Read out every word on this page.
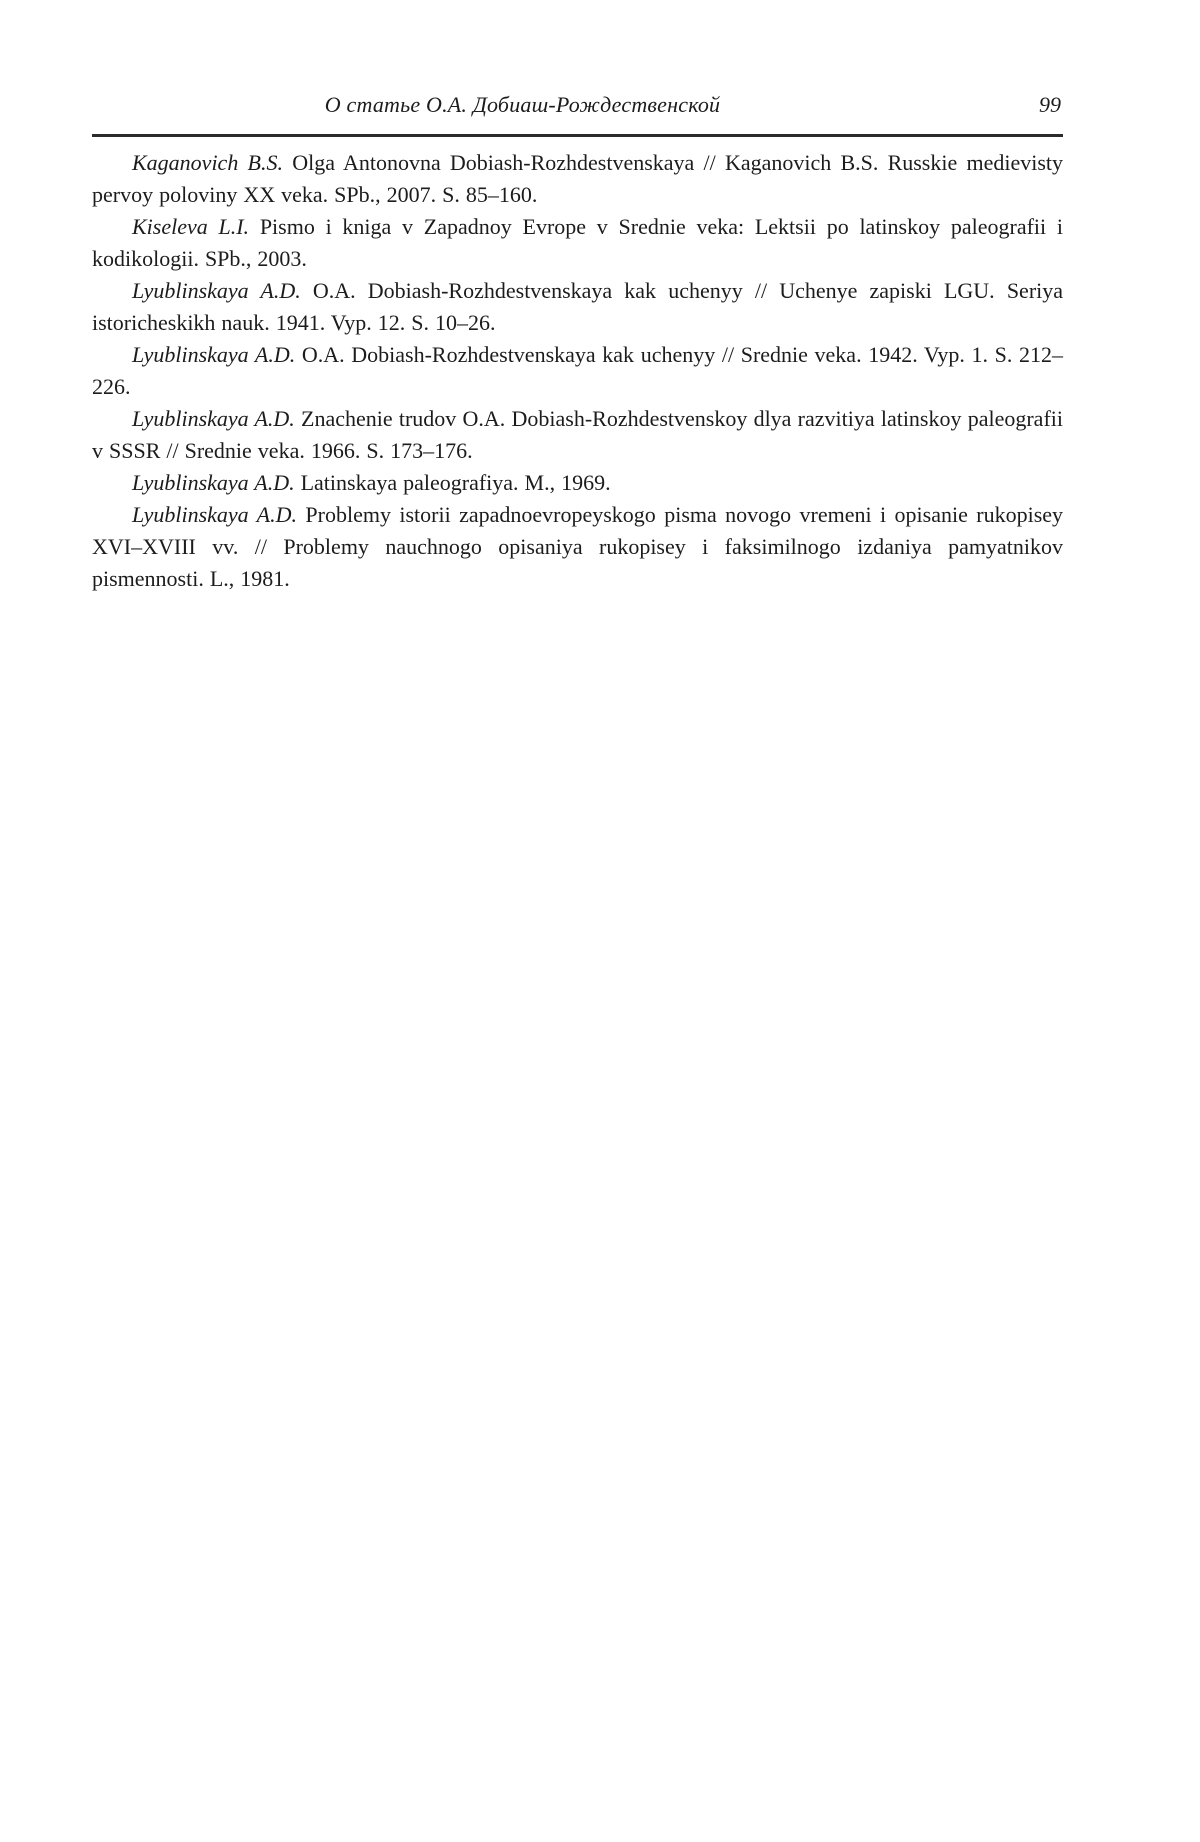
О статье О.А. Добиаш-Рождественской	99

Kaganovich B.S. Olga Antonovna Dobiash-Rozhdestvenskaya // Kaganovich B.S. Russkie medievisty pervoy poloviny XX veka. SPb., 2007. S. 85–160.

Kiseleva L.I. Pismo i kniga v Zapadnoy Evrope v Srednie veka: Lektsii po latinskoy paleografii i kodikologii. SPb., 2003.

Lyublinskaya A.D. O.A. Dobiash-Rozhdestvenskaya kak uchenyy // Uchenye zapiski LGU. Seriya istoricheskikh nauk. 1941. Vyp. 12. S. 10–26.

Lyublinskaya A.D. O.A. Dobiash-Rozhdestvenskaya kak uchenyy // Srednie veka. 1942. Vyp. 1. S. 212–226.

Lyublinskaya A.D. Znachenie trudov O.A. Dobiash-Rozhdestvenskoy dlya razvitiya latinskoy paleografii v SSSR // Srednie veka. 1966. S. 173–176.

Lyublinskaya A.D. Latinskaya paleografiya. M., 1969.

Lyublinskaya A.D. Problemy istorii zapadnoevropeyskogo pisma novogo vremeni i opisanie rukopisey XVI–XVIII vv. // Problemy nauchnogo opisaniya rukopisey i faksimilnogo izdaniya pamyatnikov pismennosti. L., 1981.
